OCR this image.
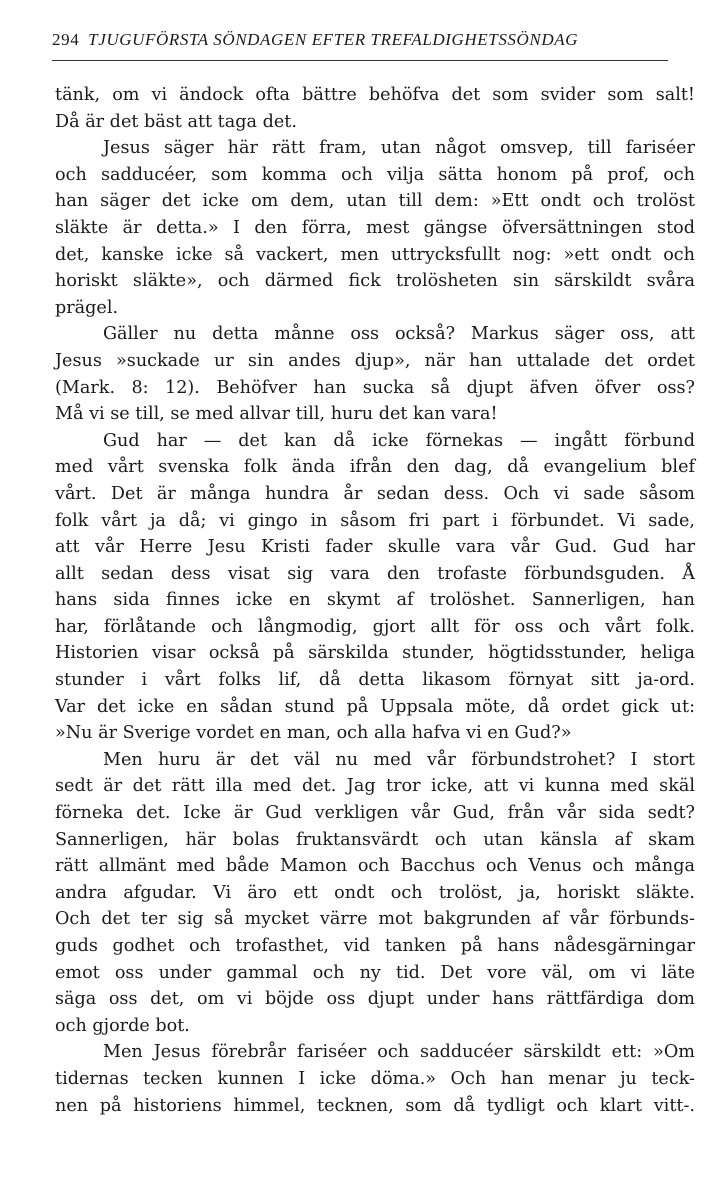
294 TJUGUFÖRSTA SÖNDAGEN EFTER TREFALDIGHETSSÖNDAG
tänk, om vi ändock ofta bättre behöfva det som svider som salt!
Då är det bäst att taga det.
Jesus säger här rätt fram, utan något omsvep, till fariséer
och sadducéer, som komma och vilja sätta honom på prof, och
han säger det icke om dem, utan till dem: »Ett ondt och trolöst
släkte är detta.» I den förra, mest gängse öfversättningen stod
det, kanske icke så vackert, men uttrycksfullt nog: »ett ondt och
horiskt släkte», och därmed fick trolösheten sin särskildt svåra
prägel.
Gäller nu detta månne oss också? Markus säger oss, att
Jesus »suckade ur sin andes djup», när han uttalade det ordet
(Mark. 8: 12). Behöfver han sucka så djupt äfven öfver oss?
Må vi se till, se med allvar till, huru det kan vara!
Gud har — det kan då icke förnekas — ingått förbund
med vårt svenska folk ända ifrån den dag, då evangelium blef
vårt. Det är många hundra år sedan dess. Och vi sade såsom
folk vårt ja då; vi gingo in såsom fri part i förbundet. Vi sade,
att vår Herre Jesu Kristi fader skulle vara vår Gud. Gud har
allt sedan dess visat sig vara den trofaste förbundsguden. Å
hans sida finnes icke en skymt af trolöshet. Sannerligen, han
har, förlåtande och långmodig, gjort allt för oss och vårt folk.
Historien visar också på särskilda stunder, högtidsstunder, heliga
stunder i vårt folks lif, då detta likasom förnyat sitt ja-ord.
Var det icke en sådan stund på Uppsala möte, då ordet gick ut:
»Nu är Sverige vordet en man, och alla hafva vi en Gud?»
Men huru är det väl nu med vår förbundstrohet? I stort
sedt är det rätt illa med det. Jag tror icke, att vi kunna med skäl
förneka det. Icke är Gud verkligen vår Gud, från vår sida sedt?
Sannerligen, här bolas fruktansvärdt och utan känsla af skam
rätt allmänt med både Mamon och Bacchus och Venus och många
andra afgudar. Vi äro ett ondt och trolöst, ja, horiskt släkte.
Och det ter sig så mycket värre mot bakgrunden af vår förbunds-
guds godhet och trofasthet, vid tanken på hans nådesgärningar
emot oss under gammal och ny tid. Det vore väl, om vi läte
säga oss det, om vi böjde oss djupt under hans rättfärdiga dom
och gjorde bot.
Men Jesus förebrår fariséer och sadducéer särskildt ett: »Om
tidernas tecken kunnen I icke döma.» Och han menar ju teck-
nen på historiens himmel, tecknen, som då tydligt och klart vitt-.
